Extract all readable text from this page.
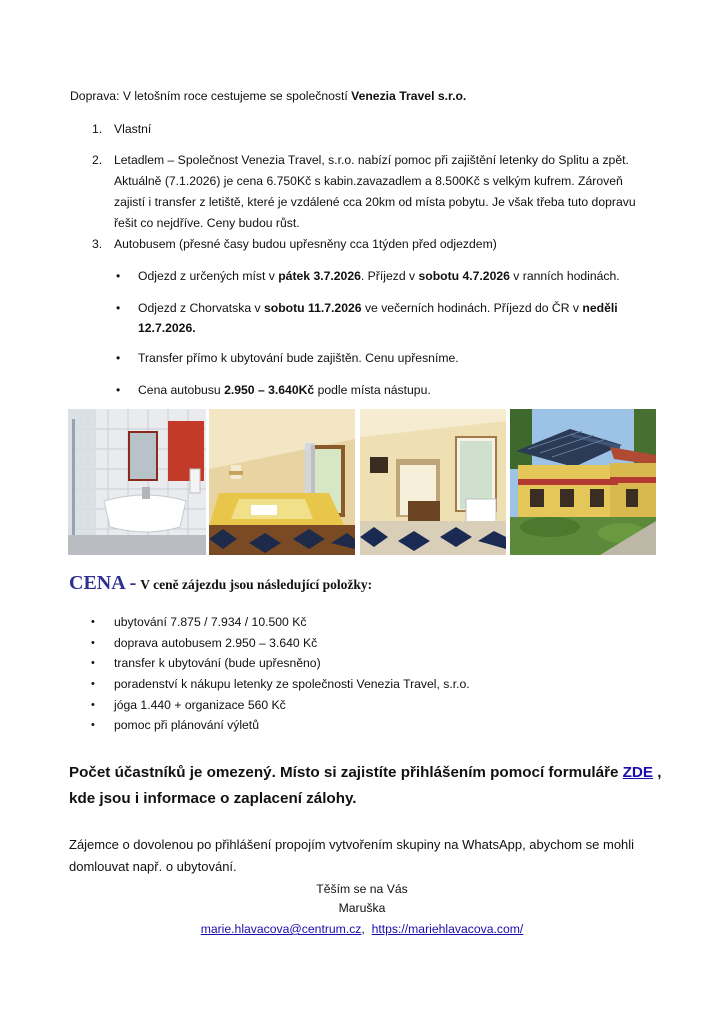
Doprava: V letošním roce cestujeme se společností Venezia Travel s.r.o.

1. Vlastní
2. Letadlem – Společnost Venezia Travel, s.r.o. nabízí pomoc při zajištění letenky do Splitu a zpět. Aktuálně (7.1.2026) je cena 6.750Kč s kabin.zavazadlem a 8.500Kč s velkým kufrem. Zároveň zajistí i transfer z letiště, které je vzdálené cca 20km od místa pobytu. Je však třeba tuto dopravu řešit co nejdříve. Ceny budou růst.
3. Autobusem (přesné časy budou upřesněny cca 1týden před odjezdem)
• Odjezd z určených míst v pátek 3.7.2026. Příjezd v sobotu 4.7.2026 v ranních hodinách.
• Odjezd z Chorvatska v sobotu 11.7.2026 ve večerních hodinách. Příjezd do ČR v neděli 12.7.2026.
• Transfer přímo k ubytování bude zajištěn. Cenu upřesníme.
• Cena autobusu 2.950 – 3.640Kč podle místa nástupu.
CENA - V ceně zájezdu jsou následující položky:
• ubytování 7.875 / 7.934 / 10.500 Kč
• doprava autobusem 2.950 – 3.640 Kč
• transfer k ubytování (bude upřesněno)
• poradenství k nákupu letenky ze společnosti Venezia Travel, s.r.o.
• jóga 1.440 + organizace 560 Kč
• pomoc při plánování výletů
Počet účastníků je omezený. Místo si zajistíte přihlášením pomocí formuláře ZDE , kde jsou i informace o zaplacení zálohy.
Zájemce o dovolenou po přihlášení propojím vytvořením skupiny na WhatsApp, abychom se mohli domlouvat např. o ubytování.
Těším se na Vás
Maruška
marie.hlavacova@centrum.cz, https://mariehlavacova.com/
